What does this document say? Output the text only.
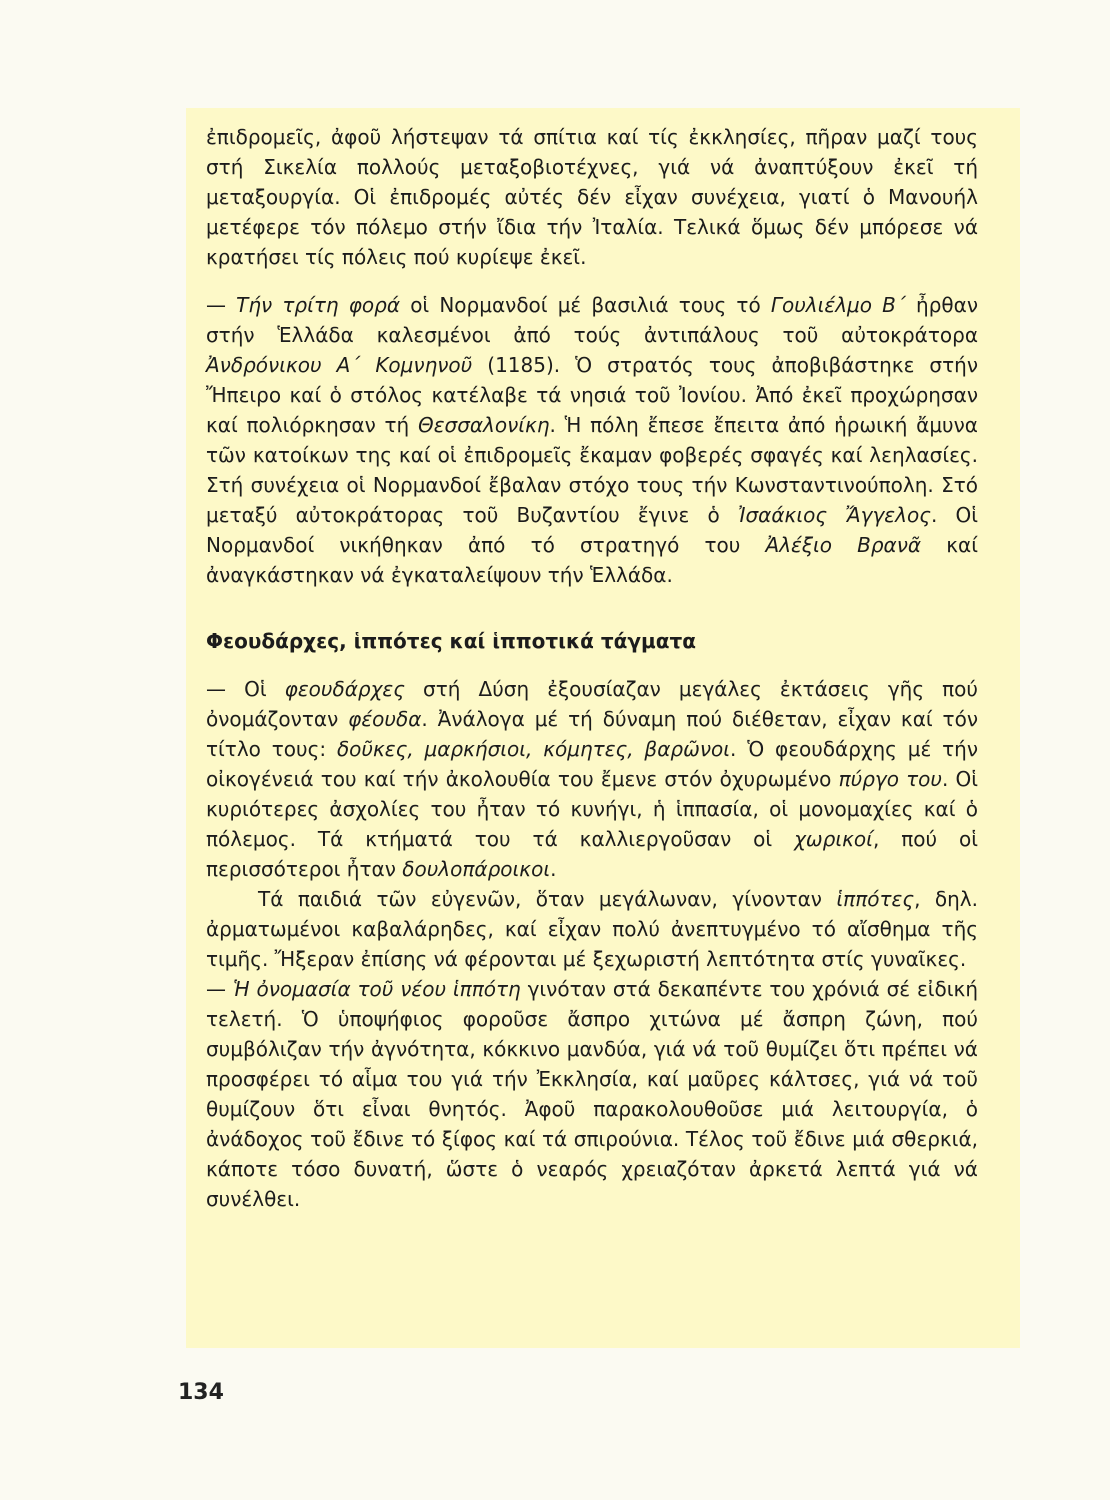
ἐπιδρομεῖς, ἀφοῦ λήστεψαν τά σπίτια καί τίς ἐκκλησίες, πῆραν μαζί τους στή Σικελία πολλούς μεταξοβιοτέχνες, γιά νά ἀναπτύξουν ἐκεῖ τή μεταξουργία. Οἱ ἐπιδρομές αὐτές δέν εἶχαν συνέχεια, γιατί ὁ Μανουήλ μετέφερε τόν πόλεμο στήν ἴδια τήν Ἰταλία. Τελικά ὅμως δέν μπόρεσε νά κρατήσει τίς πόλεις πού κυρίεψε ἐκεῖ.

— Τήν τρίτη φορά οἱ Νορμανδοί μέ βασιλιά τους τό Γουλιέλμο Β΄ ἦρθαν στήν Ἑλλάδα καλεσμένοι ἀπό τούς ἀντιπάλους τοῦ αὐτοκράτορα Ἀνδρόνικου Α΄ Κομνηνοῦ (1185). Ὁ στρατός τους ἀποβιβάστηκε στήν Ἤπειρο καί ὁ στόλος κατέλαβε τά νησιά τοῦ Ἰονίου. Ἀπό ἐκεῖ προχώρησαν καί πολιόρκησαν τή Θεσσαλονίκη. Ἡ πόλη ἔπεσε ἔπειτα ἀπό ἡρωική ἄμυνα τῶν κατοίκων της καί οἱ ἐπιδρομεῖς ἔκαμαν φοβερές σφαγές καί λεηλασίες. Στή συνέχεια οἱ Νορμανδοί ἔβαλαν στόχο τους τήν Κωνσταντινούπολη. Στό μεταξύ αὐτοκράτορας τοῦ Βυζαντίου ἔγινε ὁ Ἰσαάκιος Ἄγγελος. Οἱ Νορμανδοί νικήθηκαν ἀπό τό στρατηγό του Ἀλέξιο Βρανᾶ καί ἀναγκάστηκαν νά ἐγκαταλείψουν τήν Ἑλλάδα.

Φεουδάρχες, ἱππότες καί ἱπποτικά τάγματα

— Οἱ φεουδάρχες στή Δύση ἐξουσίαζαν μεγάλες ἐκτάσεις γῆς πού ὀνομάζονταν φέουδα. Ἀνάλογα μέ τή δύναμη πού διέθεταν, εἶχαν καί τόν τίτλο τους: δοῦκες, μαρκήσιοι, κόμητες, βαρῶνοι. Ὁ φεουδάρχης μέ τήν οἰκογένειά του καί τήν ἀκολουθία του ἔμενε στόν ὀχυρωμένο πύργο του. Οἱ κυριότερες ἀσχολίες του ἦταν τό κυνήγι, ἡ ἱππασία, οἱ μονομαχίες καί ὁ πόλεμος. Τά κτήματά του τά καλλιεργοῦσαν οἱ χωρικοί, πού οἱ περισσότεροι ἦταν δουλοπάροικοι.

Τά παιδιά τῶν εὐγενῶν, ὅταν μεγάλωναν, γίνονταν ἱππότες, δηλ. ἀρματωμένοι καβαλάρηδες, καί εἶχαν πολύ ἀνεπτυγμένο τό αἴσθημα τῆς τιμῆς. Ἤξεραν ἐπίσης νά φέρονται μέ ξεχωριστή λεπτότητα στίς γυναῖκες.

— Ἡ ὀνομασία τοῦ νέου ἱππότη γινόταν στά δεκαπέντε του χρόνιά σέ εἰδική τελετή. Ὁ ὑποψήφιος φοροῦσε ἄσπρο χιτώνα μέ ἄσπρη ζώνη, πού συμβόλιζαν τήν ἀγνότητα, κόκκινο μανδύα, γιά νά τοῦ θυμίζει ὅτι πρέπει νά προσφέρει τό αἷμα του γιά τήν Ἐκκλησία, καί μαῦρες κάλτσες, γιά νά τοῦ θυμίζουν ὅτι εἶναι θνητός. Ἀφοῦ παρακολουθοῦσε μιά λειτουργία, ὁ ἀνάδοχος τοῦ ἔδινε τό ξίφος καί τά σπιρούνια. Τέλος τοῦ ἔδινε μιά σθερκιά, κάποτε τόσο δυνατή, ὥστε ὁ νεαρός χρειαζόταν ἀρκετά λεπτά γιά νά συνέλθει.

134
